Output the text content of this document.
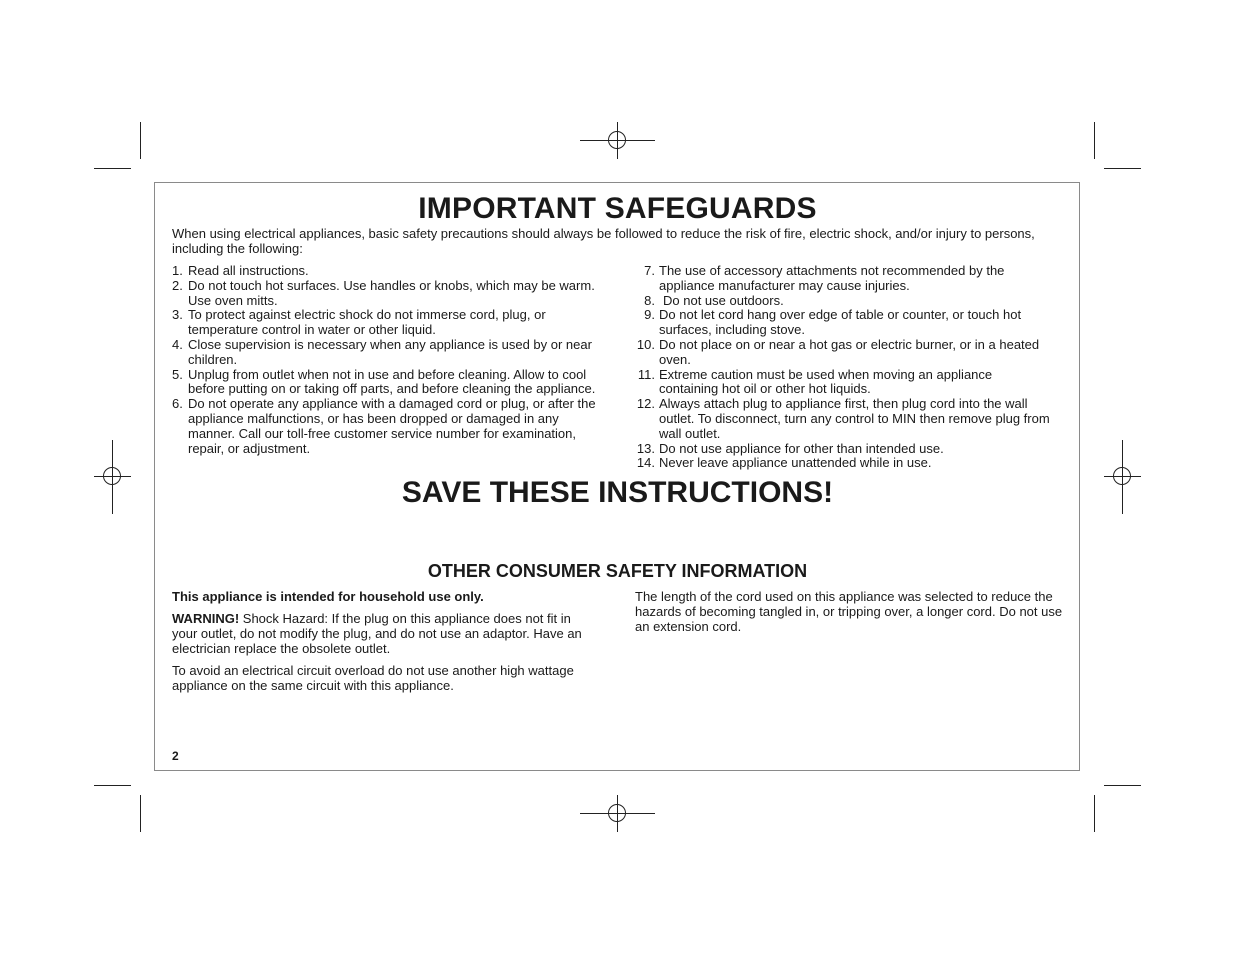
IMPORTANT SAFEGUARDS

When using electrical appliances, basic safety precautions should always be followed to reduce the risk of fire, electric shock, and/or injury to persons, including the following:

1. Read all instructions.
2. Do not touch hot surfaces. Use handles or knobs, which may be warm. Use oven mitts.
3. To protect against electric shock do not immerse cord, plug, or temperature control in water or other liquid.
4. Close supervision is necessary when any appliance is used by or near children.
5. Unplug from outlet when not in use and before cleaning. Allow to cool before putting on or taking off parts, and before cleaning the appliance.
6. Do not operate any appliance with a damaged cord or plug, or after the appliance malfunctions, or has been dropped or damaged in any manner. Call our toll-free customer service number for examination, repair, or adjustment.
7. The use of accessory attachments not recommended by the appliance manufacturer may cause injuries.
8. Do not use outdoors.
9. Do not let cord hang over edge of table or counter, or touch hot surfaces, including stove.
10. Do not place on or near a hot gas or electric burner, or in a heated oven.
11. Extreme caution must be used when moving an appliance containing hot oil or other hot liquids.
12. Always attach plug to appliance first, then plug cord into the wall outlet. To disconnect, turn any control to MIN then remove plug from wall outlet.
13. Do not use appliance for other than intended use.
14. Never leave appliance unattended while in use.
SAVE THESE INSTRUCTIONS!
OTHER CONSUMER SAFETY INFORMATION

This appliance is intended for household use only.

WARNING! Shock Hazard: If the plug on this appliance does not fit in your outlet, do not modify the plug, and do not use an adaptor. Have an electrician replace the obsolete outlet.

To avoid an electrical circuit overload do not use another high wattage appliance on the same circuit with this appliance.

The length of the cord used on this appliance was selected to reduce the hazards of becoming tangled in, or tripping over, a longer cord. Do not use an extension cord.

2
